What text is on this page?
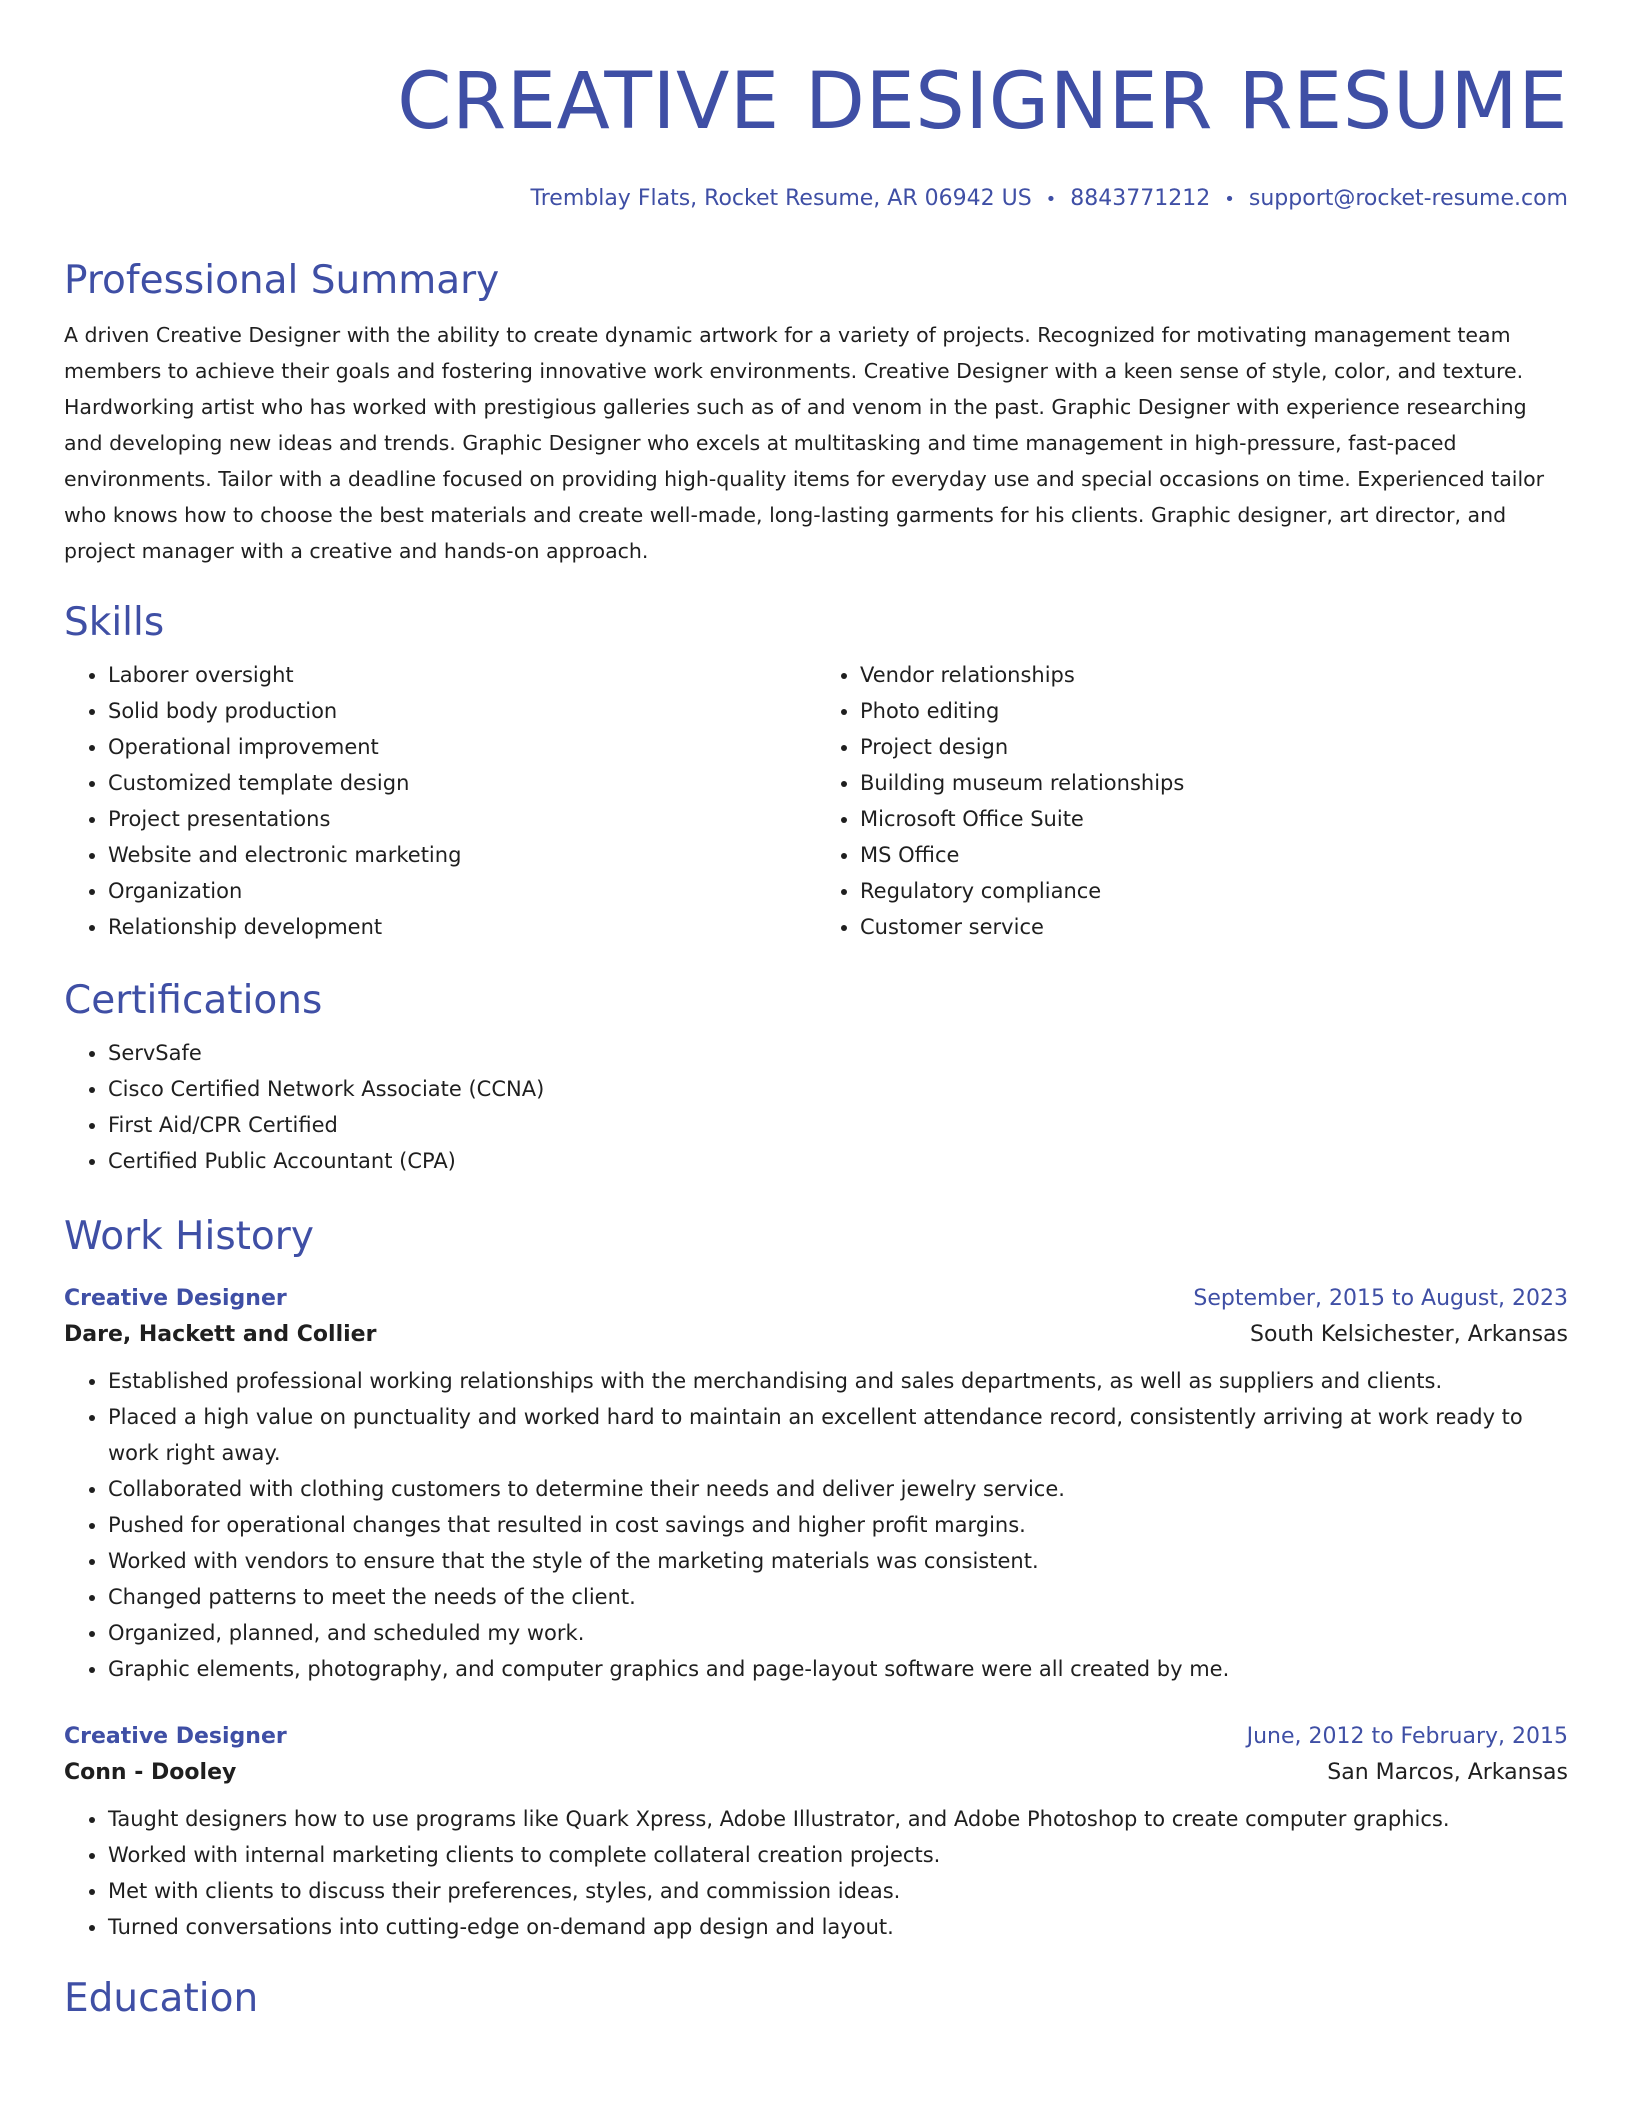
CREATIVE DESIGNER RESUME
Tremblay Flats, Rocket Resume, AR 06942 US • 8843771212 • support@rocket-resume.com
Professional Summary
A driven Creative Designer with the ability to create dynamic artwork for a variety of projects. Recognized for motivating management team members to achieve their goals and fostering innovative work environments. Creative Designer with a keen sense of style, color, and texture. Hardworking artist who has worked with prestigious galleries such as of and venom in the past. Graphic Designer with experience researching and developing new ideas and trends. Graphic Designer who excels at multitasking and time management in high-pressure, fast-paced environments. Tailor with a deadline focused on providing high-quality items for everyday use and special occasions on time. Experienced tailor who knows how to choose the best materials and create well-made, long-lasting garments for his clients. Graphic designer, art director, and project manager with a creative and hands-on approach.
Skills
• Laborer oversight
• Solid body production
• Operational improvement
• Customized template design
• Project presentations
• Website and electronic marketing
• Organization
• Relationship development
• Vendor relationships
• Photo editing
• Project design
• Building museum relationships
• Microsoft Office Suite
• MS Office
• Regulatory compliance
• Customer service
Certifications
• ServSafe
• Cisco Certified Network Associate (CCNA)
• First Aid/CPR Certified
• Certified Public Accountant (CPA)
Work History
Creative Designer	September, 2015 to August, 2023
Dare, Hackett and Collier	South Kelsichester, Arkansas
• Established professional working relationships with the merchandising and sales departments, as well as suppliers and clients.
• Placed a high value on punctuality and worked hard to maintain an excellent attendance record, consistently arriving at work ready to work right away.
• Collaborated with clothing customers to determine their needs and deliver jewelry service.
• Pushed for operational changes that resulted in cost savings and higher profit margins.
• Worked with vendors to ensure that the style of the marketing materials was consistent.
• Changed patterns to meet the needs of the client.
• Organized, planned, and scheduled my work.
• Graphic elements, photography, and computer graphics and page-layout software were all created by me.
Creative Designer	June, 2012 to February, 2015
Conn - Dooley	San Marcos, Arkansas
• Taught designers how to use programs like Quark Xpress, Adobe Illustrator, and Adobe Photoshop to create computer graphics.
• Worked with internal marketing clients to complete collateral creation projects.
• Met with clients to discuss their preferences, styles, and commission ideas.
• Turned conversations into cutting-edge on-demand app design and layout.
Education
